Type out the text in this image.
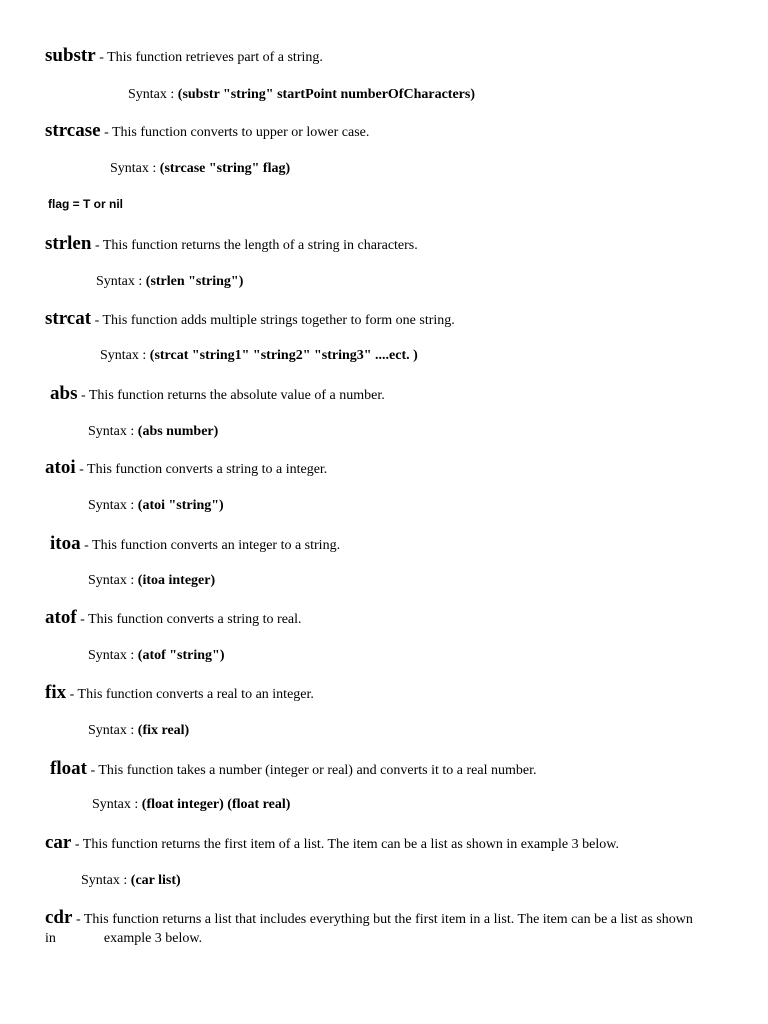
substr - This function retrieves part of a string.
Syntax : (substr "string" startPoint numberOfCharacters)
strcase - This function converts to upper or lower case.
Syntax : (strcase "string" flag)
flag = T or nil
strlen - This function returns the length of a string in characters.
Syntax : (strlen "string")
strcat - This function adds multiple strings together to form one string.
Syntax : (strcat "string1" "string2" "string3" ....ect. )
abs - This function returns the absolute value of a number.
Syntax : (abs number)
atoi - This function converts a string to a integer.
Syntax : (atoi "string")
itoa - This function converts an integer to a string.
Syntax : (itoa integer)
atof - This function converts a string to real.
Syntax : (atof "string")
fix - This function converts a real to an integer.
Syntax : (fix real)
float - This function takes a number (integer or real) and converts it to a real number.
Syntax : (float integer) (float real)
car - This function returns the first item of a list. The item can be a list as shown in example 3 below.
Syntax : (car list)
cdr - This function returns a list that includes everything but the first item in a list. The item can be a list as shown
in	example 3 below.
